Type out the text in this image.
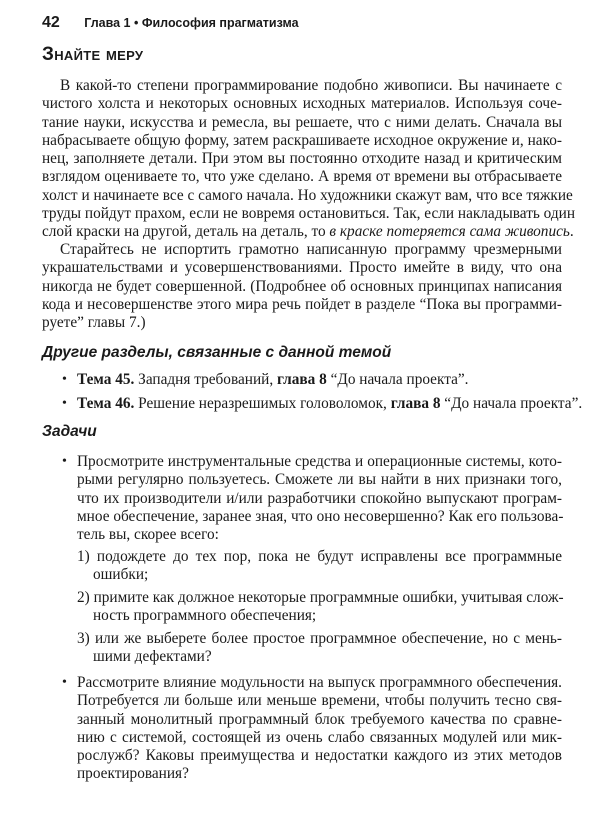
42 Глава 1 • Философия прагматизма
Знайте меру
В какой-то степени программирование подобно живописи. Вы начинаете с
чистого холста и некоторых основных исходных материалов. Используя соче-
тание науки, искусства и ремесла, вы решаете, что с ними делать. Сначала вы
набрасываете общую форму, затем раскрашиваете исходное окружение и, нако-
нец, заполняете детали. При этом вы постоянно отходите назад и критическим
взглядом оцениваете то, что уже сделано. А время от времени вы отбрасываете
холст и начинаете все с самого начала. Но художники скажут вам, что все тяжкие
труды пойдут прахом, если не вовремя остановиться. Так, если накладывать один
слой краски на другой, деталь на деталь, то в краске потеряется сама живопись.
Старайтесь не испортить грамотно написанную программу чрезмерными
украшательствами и усовершенствованиями. Просто имейте в виду, что она
никогда не будет совершенной. (Подробнее об основных принципах написания
кода и несовершенстве этого мира речь пойдет в разделе “Пока вы программи-
руете” главы 7.)
Другие разделы, связанные с данной темой
• Тема 45. Западня требований, глава 8 “До начала проекта”.
• Тема 46. Решение неразрешимых головоломок, глава 8 “До начала проекта”.
Задачи
• Просмотрите инструментальные средства и операционные системы, кото-
рыми регулярно пользуетесь. Сможете ли вы найти в них признаки того,
что их производители и/или разработчики спокойно выпускают програм-
мное обеспечение, заранее зная, что оно несовершенно? Как его пользова-
тель вы, скорее всего:
1) подождете до тех пор, пока не будут исправлены все программные
ошибки;
2) примите как должное некоторые программные ошибки, учитывая слож-
ность программного обеспечения;
3) или же выберете более простое программное обеспечение, но с мень-
шими дефектами?
• Рассмотрите влияние модульности на выпуск программного обеспечения.
Потребуется ли больше или меньше времени, чтобы получить тесно свя-
занный монолитный программный блок требуемого качества по сравне-
нию с системой, состоящей из очень слабо связанных модулей или мик-
рослужб? Каковы преимущества и недостатки каждого из этих методов
проектирования?
